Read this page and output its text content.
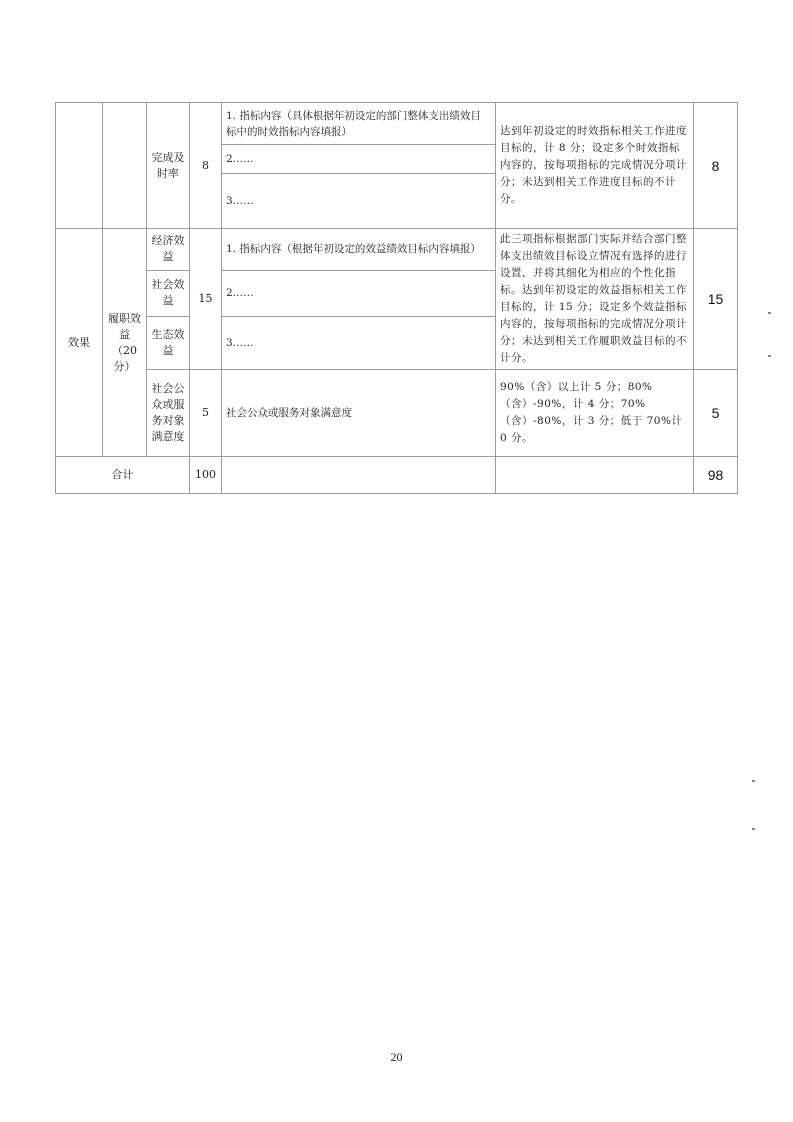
		完成及时率	8	1. 指标内容（具体根据年初设定的部门整体支出绩效目标中的时效指标内容填报）	达到年初设定的时效指标相关工作进度目标的，计 8 分；设定多个时效指标内容的，按每项指标的完成情况分项计分；未达到相关工作进度目标的不计分。	8
				2……		
				3……		
效果	履职效益（20分）	经济效益	15	1. 指标内容（根据年初设定的效益绩效目标内容填报）	此三项指标根据部门实际并结合部门整体支出绩效目标设立情况有选择的进行设置，并将其细化为相应的个性化指标。达到年初设定的效益指标相关工作目标的，计 15 分；设定多个效益指标内容的，按每项指标的完成情况分项计分；未达到相关工作履职效益目标的不计分。	15
		社会效益		2……		
		生态效益		3……		
		社会公众或服务对象满意度	5	社会公众或服务对象满意度	90%（含）以上计 5 分；80%（含）-90%，计 4 分；70%（含）-80%，计 3 分；低于 70%计 0 分。	5
合计			100			98
20
